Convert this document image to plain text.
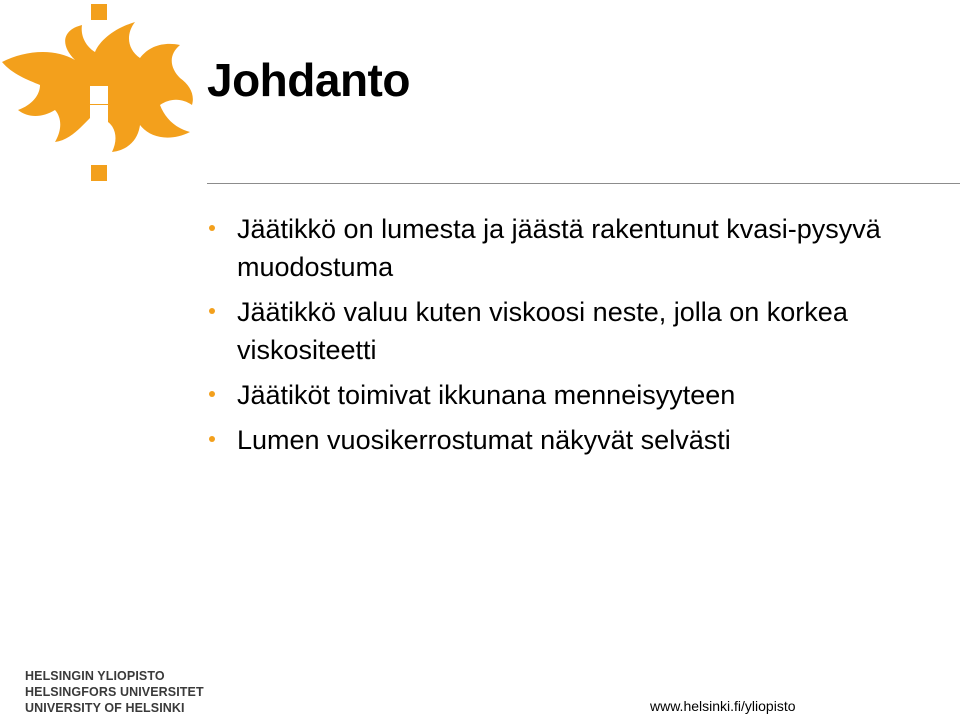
Johdanto
Jäätikkö on lumesta ja jäästä rakentunut kvasi-pysyvä muodostuma
Jäätikkö valuu kuten viskoosi neste, jolla on korkea viskositeetti
Jäätiköt toimivat ikkunana menneisyyteen
Lumen vuosikerrostumat näkyvät selvästi
HELSINGIN YLIOPISTO
HELSINGFORS UNIVERSITET
UNIVERSITY OF HELSINKI	www.helsinki.fi/yliopisto
